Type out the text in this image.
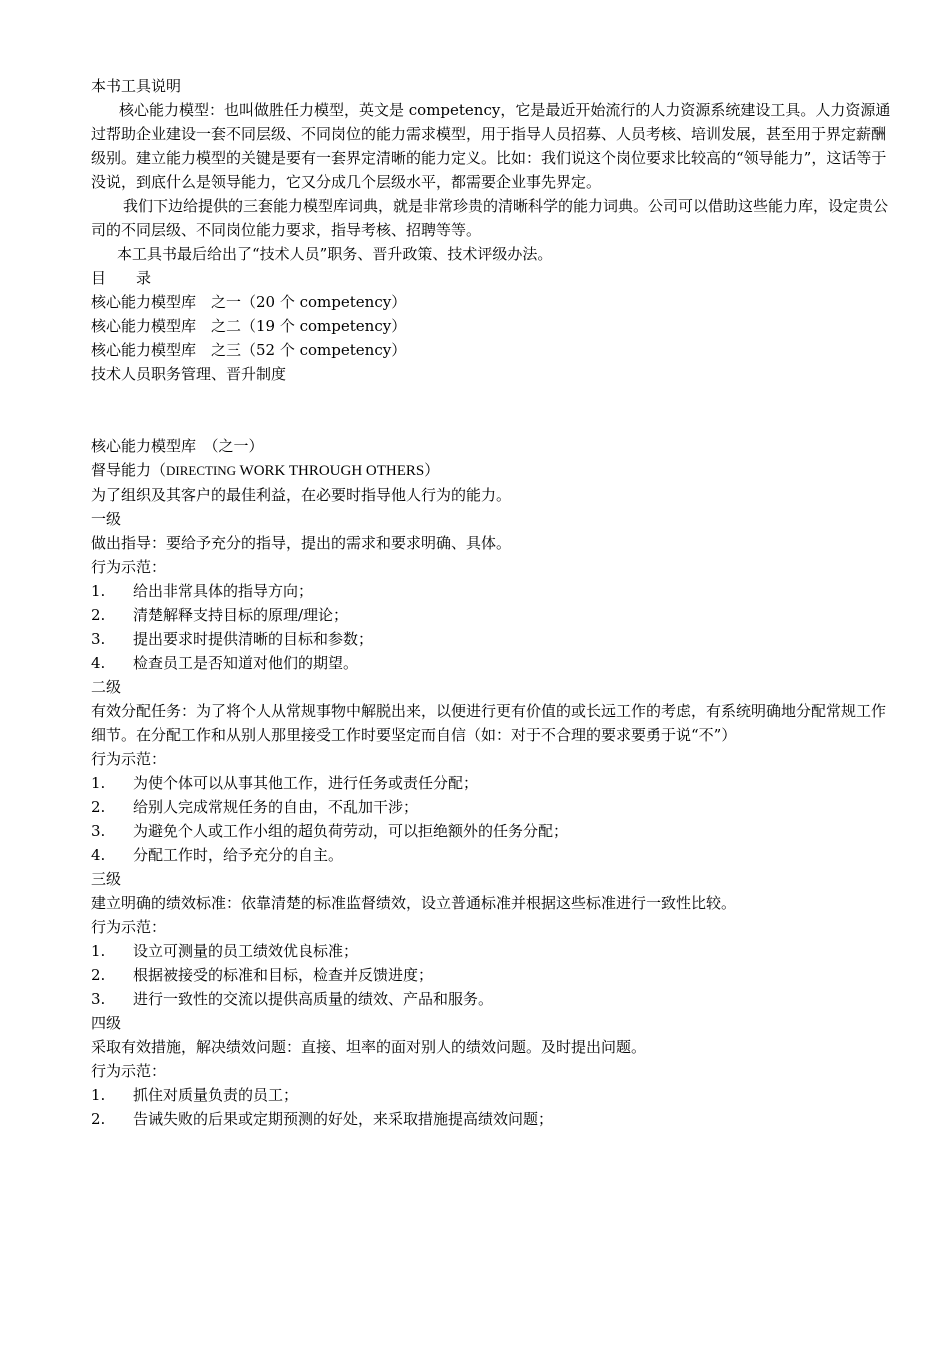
本书工具说明

核心能力模型：也叫做胜任力模型，英文是 competency，它是最近开始流行的人力资源系统建设工具。人力资源通过帮助企业建设一套不同层级、不同岗位的能力需求模型，用于指导人员招募、人员考核、培训发展，甚至用于界定薪酬级别。建立能力模型的关键是要有一套界定清晰的能力定义。比如：我们说这个岗位要求比较高的“领导能力”，这话等于没说，到底什么是领导能力，它又分成几个层级水平，都需要企业事先界定。

我们下边给提供的三套能力模型库词典，就是非常珍贵的清晰科学的能力词典。公司可以借助这些能力库，设定贵公司的不同层级、不同岗位能力要求，指导考核、招聘等等。

本工具书最后给出了“技术人员”职务、晋升政策、技术评级办法。

目　　录

核心能力模型库　之一（20 个 competency）

核心能力模型库　之二（19 个 competency）

核心能力模型库　之三（52 个 competency）

技术人员职务管理、晋升制度

核心能力模型库　（之一）

督导能力（DIRECTING WORK THROUGH OTHERS）

为了组织及其客户的最佳利益，在必要时指导他人行为的能力。

一级

做出指导：要给予充分的指导，提出的需求和要求明确、具体。

行为示范：

1.	给出非常具体的指导方向；
2.	清楚解释支持目标的原理/理论；
3.	提出要求时提供清晰的目标和参数；
4.	检查员工是否知道对他们的期望。

二级

有效分配任务：为了将个人从常规事物中解脱出来，以便进行更有价值的或长远工作的考虑，有系统明确地分配常规工作细节。在分配工作和从别人那里接受工作时要坚定而自信（如：对于不合理的要求要勇于说“不”）

行为示范：

1.	为使个体可以从事其他工作，进行任务或责任分配；
2.	给别人完成常规任务的自由，不乱加干涉；
3.	为避免个人或工作小组的超负荷劳动，可以拒绝额外的任务分配；
4.	分配工作时，给予充分的自主。

三级

建立明确的绩效标准：依靠清楚的标准监督绩效，设立普通标准并根据这些标准进行一致性比较。

行为示范：

1.	设立可测量的员工绩效优良标准；
2.	根据被接受的标准和目标，检查并反馈进度；
3.	进行一致性的交流以提供高质量的绩效、产品和服务。

四级

采取有效措施，解决绩效问题：直接、坦率的面对别人的绩效问题。及时提出问题。

行为示范：

1.	抓住对质量负责的员工；
2.	告诫失败的后果或定期预测的好处，来采取措施提高绩效问题；
